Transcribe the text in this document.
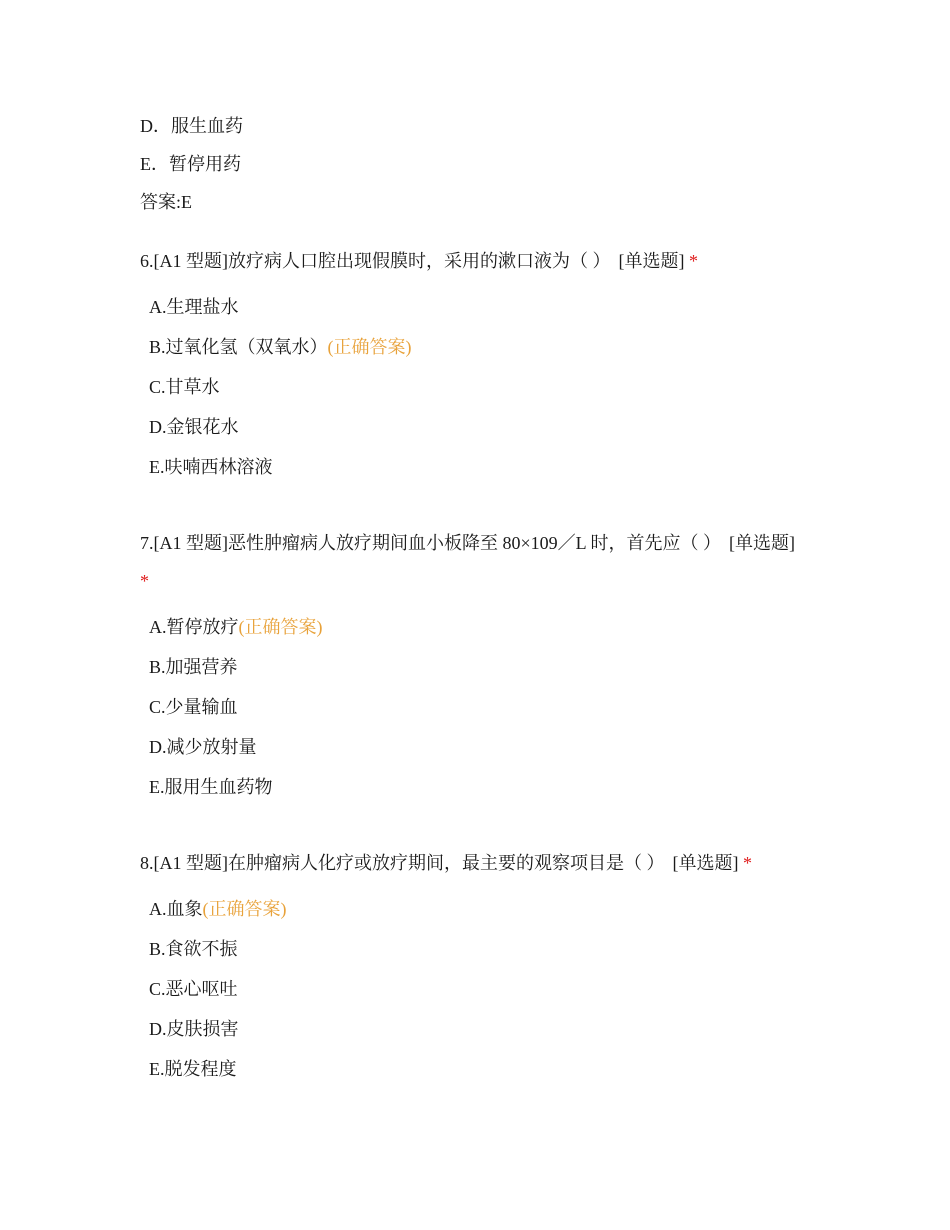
D．服生血药
E．暂停用药
答案:E
6.[A1 型题]放疗病人口腔出现假膜时，采用的漱口液为（ ） [单选题] *
A.生理盐水
B.过氧化氢（双氧水）(正确答案)
C.甘草水
D.金银花水
E.呋喃西林溶液
7.[A1 型题]恶性肿瘤病人放疗期间血小板降至 80×109／L 时，首先应（ ） [单选题] *
A.暂停放疗(正确答案)
B.加强营养
C.少量输血
D.减少放射量
E.服用生血药物
8.[A1 型题]在肿瘤病人化疗或放疗期间，最主要的观察项目是（ ） [单选题] *
A.血象(正确答案)
B.食欲不振
C.恶心呕吐
D.皮肤损害
E.脱发程度
